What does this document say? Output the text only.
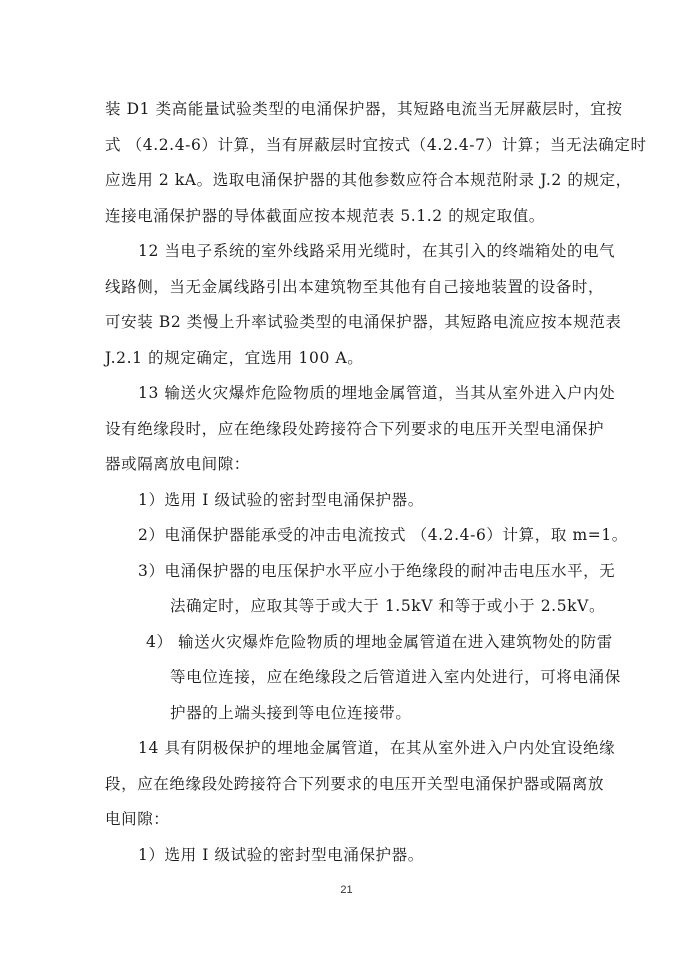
装 D1 类高能量试验类型的电涌保护器，其短路电流当无屏蔽层时，宜按
式 （4.2.4-6）计算，当有屏蔽层时宜按式（4.2.4-7）计算；当无法确定时
应选用 2 kA。选取电涌保护器的其他参数应符合本规范附录 J.2 的规定，
连接电涌保护器的导体截面应按本规范表 5.1.2 的规定取值。
12 当电子系统的室外线路采用光缆时，在其引入的终端箱处的电气
线路侧，当无金属线路引出本建筑物至其他有自己接地装置的设备时，
可安装 B2 类慢上升率试验类型的电涌保护器，其短路电流应按本规范表
J.2.1 的规定确定，宜选用 100 A。
13 输送火灾爆炸危险物质的埋地金属管道，当其从室外进入户内处
设有绝缘段时，应在绝缘段处跨接符合下列要求的电压开关型电涌保护
器或隔离放电间隙：
1）选用 I 级试验的密封型电涌保护器。
2）电涌保护器能承受的冲击电流按式 （4.2.4-6）计算，取 m=1。
3）电涌保护器的电压保护水平应小于绝缘段的耐冲击电压水平，无
法确定时，应取其等于或大于 1.5kV 和等于或小于 2.5kV。
4） 输送火灾爆炸危险物质的埋地金属管道在进入建筑物处的防雷
等电位连接，应在绝缘段之后管道进入室内处进行，可将电涌保
护器的上端头接到等电位连接带。
14 具有阴极保护的埋地金属管道，在其从室外进入户内处宜设绝缘
段，应在绝缘段处跨接符合下列要求的电压开关型电涌保护器或隔离放
电间隙：
1）选用 I 级试验的密封型电涌保护器。
21
